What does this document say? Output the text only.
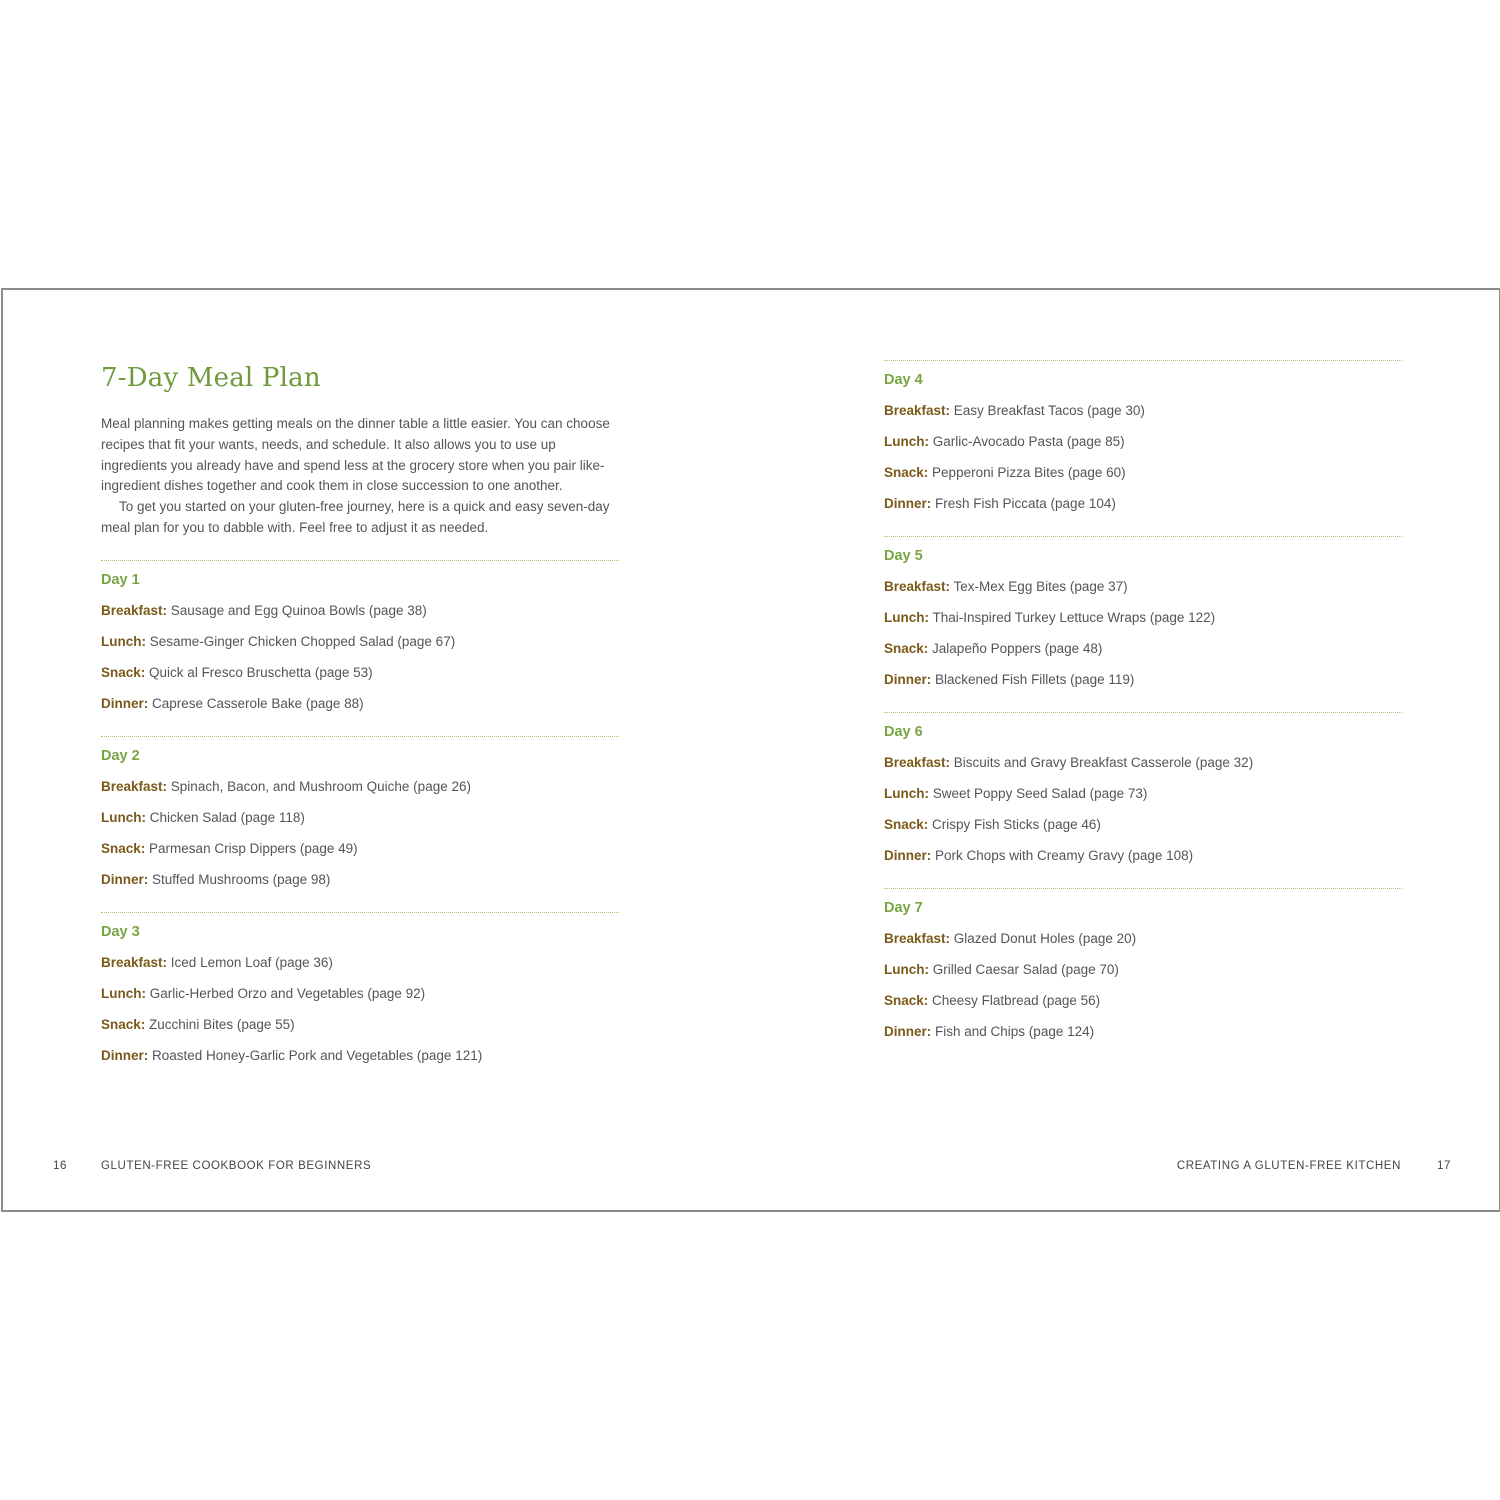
7-Day Meal Plan

Meal planning makes getting meals on the dinner table a little easier. You can choose recipes that fit your wants, needs, and schedule. It also allows you to use up ingredients you already have and spend less at the grocery store when you pair like-ingredient dishes together and cook them in close succession to one another.

To get you started on your gluten-free journey, here is a quick and easy seven-day meal plan for you to dabble with. Feel free to adjust it as needed.

Day 1

Breakfast: Sausage and Egg Quinoa Bowls (page 38)

Lunch: Sesame-Ginger Chicken Chopped Salad (page 67)

Snack: Quick al Fresco Bruschetta (page 53)

Dinner: Caprese Casserole Bake (page 88)

Day 2

Breakfast: Spinach, Bacon, and Mushroom Quiche (page 26)

Lunch: Chicken Salad (page 118)

Snack: Parmesan Crisp Dippers (page 49)

Dinner: Stuffed Mushrooms (page 98)

Day 3

Breakfast: Iced Lemon Loaf (page 36)

Lunch: Garlic-Herbed Orzo and Vegetables (page 92)

Snack: Zucchini Bites (page 55)

Dinner: Roasted Honey-Garlic Pork and Vegetables (page 121)

Day 4

Breakfast: Easy Breakfast Tacos (page 30)

Lunch: Garlic-Avocado Pasta (page 85)

Snack: Pepperoni Pizza Bites (page 60)

Dinner: Fresh Fish Piccata (page 104)

Day 5

Breakfast: Tex-Mex Egg Bites (page 37)

Lunch: Thai-Inspired Turkey Lettuce Wraps (page 122)

Snack: Jalapeño Poppers (page 48)

Dinner: Blackened Fish Fillets (page 119)

Day 6

Breakfast: Biscuits and Gravy Breakfast Casserole (page 32)

Lunch: Sweet Poppy Seed Salad (page 73)

Snack: Crispy Fish Sticks (page 46)

Dinner: Pork Chops with Creamy Gravy (page 108)

Day 7

Breakfast: Glazed Donut Holes (page 20)

Lunch: Grilled Caesar Salad (page 70)

Snack: Cheesy Flatbread (page 56)

Dinner: Fish and Chips (page 124)

16	GLUTEN-FREE COOKBOOK FOR BEGINNERS	CREATING A GLUTEN-FREE KITCHEN	17
